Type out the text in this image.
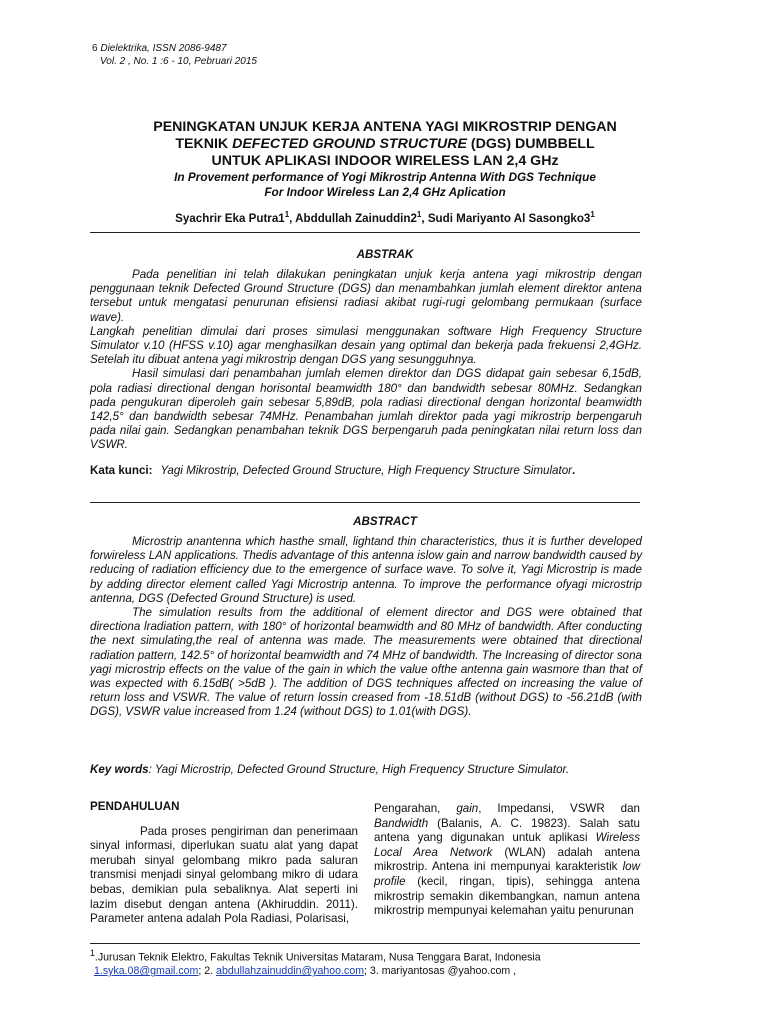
6 Dielektrika, ISSN 2086-9487
Vol. 2 , No. 1 :6 - 10, Pebruari 2015
PENINGKATAN UNJUK KERJA ANTENA YAGI MIKROSTRIP DENGAN
TEKNIK DEFECTED GROUND STRUCTURE (DGS) DUMBBELL
UNTUK APLIKASI INDOOR WIRELESS LAN 2,4 GHz
In Provement performance of Yogi Mikrostrip Antenna With DGS Technique
For Indoor Wireless Lan 2,4 GHz Aplication
Syachrir Eka $Putra1^1$, Abddullah $Zainuddin2^1$, Sudi Mariyanto Al $Sasongko3^1$
ABSTRAK

Pada penelitian ini telah dilakukan peningkatan unjuk kerja antena yagi mikrostrip dengan penggunaan teknik Defected Ground Structure (DGS) dan menambahkan jumlah element direktor antena tersebut untuk mengatasi penurunan efisiensi radiasi akibat rugi-rugi gelombang permukaan (surface wave).

Langkah penelitian dimulai dari proses simulasi menggunakan software High Frequency Structure Simulator v.10 (HFSS v.10) agar menghasilkan desain yang optimal dan bekerja pada frekuensi 2,4GHz. Setelah itu dibuat antena yagi mikrostrip dengan DGS yang sesungguhnya.

Hasil simulasi dari penambahan jumlah elemen direktor dan DGS didapat gain sebesar 6,15dB, pola radiasi directional dengan horisontal beamwidth 180° dan bandwidth sebesar 80MHz. Sedangkan pada pengukuran diperoleh gain sebesar 5,89dB, pola radiasi directional dengan horizontal beamwidth 142,5° dan bandwidth sebesar 74MHz. Penambahan jumlah direktor pada yagi mikrostrip berpengaruh pada nilai gain. Sedangkan penambahan teknik DGS berpengaruh pada peningkatan nilai return loss dan VSWR.

Kata kunci: Yagi Mikrostrip, Defected Ground Structure, High Frequency Structure Simulator.
ABSTRACT

Microstrip anantenna which hasthe small, lightand thin characteristics, thus it is further developed forwireless LAN applications. Thedis advantage of this antenna islow gain and narrow bandwidth caused by reducing of radiation efficiency due to the emergence of surface wave. To solve it, Yagi Microstrip is made by adding director element called Yagi Microstrip antenna. To improve the performance ofyagi microstrip antenna, DGS (Defected Ground Structure) is used.

The simulation results from the additional of element director and DGS were obtained that directiona lradiation pattern, with 180° of horizontal beamwidth and 80 MHz of bandwidth. After conducting the next simulating,the real of antenna was made. The measurements were obtained that directional radiation pattern, 142.5° of horizontal beamwidth and 74 MHz of bandwidth. The Increasing of director sona yagi microstrip effects on the value of the gain in which the value ofthe antenna gain wasmore than that of was expected with 6.15dB( >5dB ). The addition of DGS techniques affected on increasing the value of return loss and VSWR. The value of return lossin creased from -18.51dB (without DGS) to -56.21dB (with DGS), VSWR value increased from 1.24 (without DGS) to 1.01(with DGS).

Key words: Yagi Microstrip, Defected Ground Structure, High Frequency Structure Simulator.

PENDAHULUAN

Pada proses pengiriman dan penerimaan sinyal informasi, diperlukan suatu alat yang dapat merubah sinyal gelombang mikro pada saluran transmisi menjadi sinyal gelombang mikro di udara bebas, demikian pula sebaliknya. Alat seperti ini lazim disebut dengan antena (Akhiruddin. 2011). Parameter antena adalah Pola Radiasi, Polarisasi,

Pengarahan, gain, Impedansi, VSWR dan Bandwidth (Balanis, A. C. 19823). Salah satu antena yang digunakan untuk aplikasi Wireless Local Area Network (WLAN) adalah antena mikrostrip. Antena ini mempunyai karakteristik low profile (kecil, ringan, tipis), sehingga antena mikrostrip semakin dikembangkan, namun antena mikrostrip mempunyai kelemahan yaitu penurunan

$^1$.Jurusan Teknik Elektro, Fakultas Teknik Universitas Mataram, Nusa Tenggara Barat, Indonesia
1.syka.08@gmail.com; 2. abdullahzainuddin@yahoo.com; 3. mariyantosas @yahoo.com ,
